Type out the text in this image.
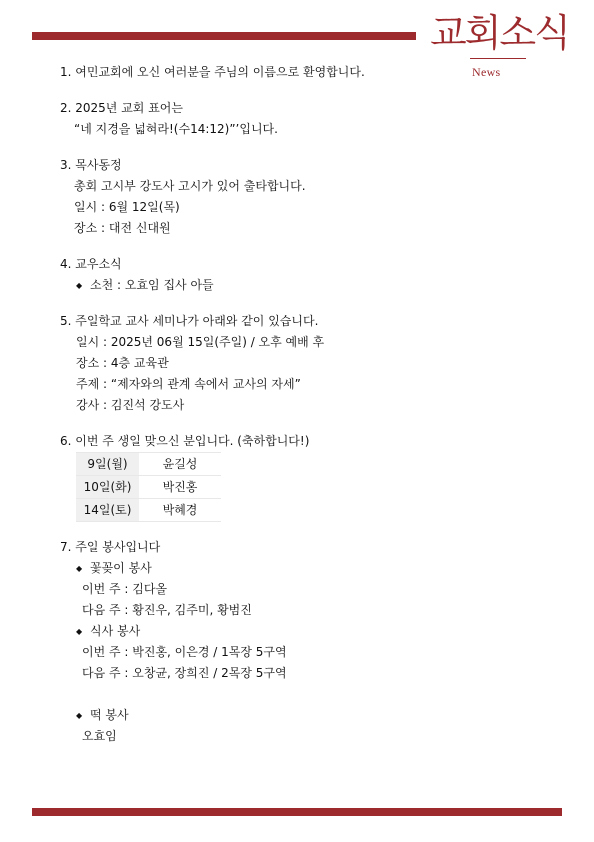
교회소식
News
1. 여민교회에 오신 여러분을 주님의 이름으로 환영합니다.
2. 2025년 교회 표어는
“네 지경을 넓혀라!(수14:12)”’입니다.
3. 목사동정
총회 고시부 강도사 고시가 있어 출타합니다.
일시 : 6월 12일(목)
장소 : 대전 신대원
4. 교우소식
◆ 소천 : 오효임 집사 아들
5. 주일학교 교사 세미나가 아래와 같이 있습니다.
일시 : 2025년 06월 15일(주일) / 오후 예배 후
장소 : 4층 교육관
주제 : “제자와의 관계 속에서 교사의 자세”
강사 : 김진석 강도사
6. 이번 주 생일 맞으신 분입니다. (축하합니다!)
9일(월)	윤길성
10일(화)	박진홍
14일(토)	박혜경
7. 주일 봉사입니다
◆ 꽃꽂이 봉사
이번 주 : 김다올
다음 주 : 황진우, 김주미, 황범진
◆ 식사 봉사
이번 주 : 박진홍, 이은경 / 1목장 5구역
다음 주 : 오창균, 장희진 / 2목장 5구역
◆ 떡 봉사
오효임
